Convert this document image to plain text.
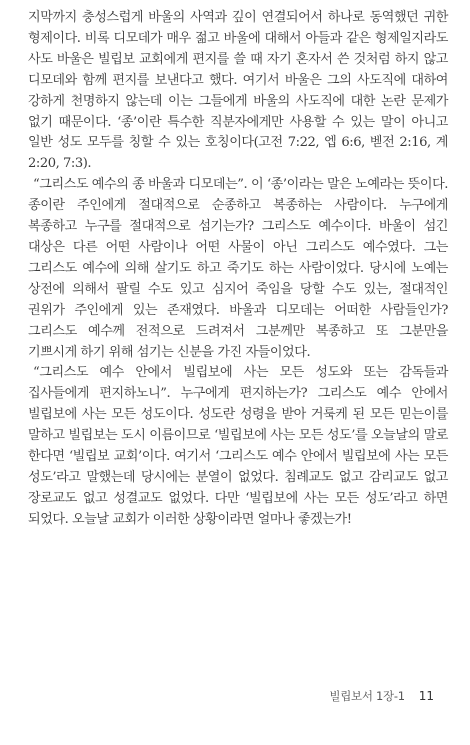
지막까지 충성스럽게 바울의 사역과 깊이 연결되어서 하나로 동역했던 귀한 형제이다. 비록 디모데가 매우 젊고 바울에 대해서 아들과 같은 형제일지라도 사도 바울은 빌립보 교회에게 편지를 쓸 때 자기 혼자서 쓴 것처럼 하지 않고 디모데와 함께 편지를 보낸다고 했다. 여기서 바울은 그의 사도직에 대하여 강하게 천명하지 않는데 이는 그들에게 바울의 사도직에 대한 논란 문제가 없기 때문이다. ‘종’이란 특수한 직분자에게만 사용할 수 있는 말이 아니고 일반 성도 모두를 칭할 수 있는 호칭이다(고전 7:22, 엡 6:6, 벧전 2:16, 계 2:20, 7:3).

“그리스도 예수의 종 바울과 디모데는”. 이 ‘종’이라는 말은 노예라는 뜻이다. 종이란 주인에게 절대적으로 순종하고 복종하는 사람이다. 누구에게 복종하고 누구를 절대적으로 섬기는가? 그리스도 예수이다. 바울이 섬긴 대상은 다른 어떤 사람이나 어떤 사물이 아닌 그리스도 예수였다. 그는 그리스도 예수에 의해 살기도 하고 죽기도 하는 사람이었다. 당시에 노예는 상전에 의해서 팔릴 수도 있고 심지어 죽임을 당할 수도 있는, 절대적인 권위가 주인에게 있는 존재였다. 바울과 디모데는 어떠한 사람들인가? 그리스도 예수께 전적으로 드려져서 그분께만 복종하고 또 그분만을 기쁘시게 하기 위해 섬기는 신분을 가진 자들이었다.

“그리스도 예수 안에서 빌립보에 사는 모든 성도와 또는 감독들과 집사들에게 편지하노니”. 누구에게 편지하는가? 그리스도 예수 안에서 빌립보에 사는 모든 성도이다. 성도란 성령을 받아 거룩케 된 모든 믿는이를 말하고 빌립보는 도시 이름이므로 ‘빌립보에 사는 모든 성도’를 오늘날의 말로 한다면 ‘빌립보 교회’이다. 여기서 ‘그리스도 예수 안에서 빌립보에 사는 모든 성도’라고 말했는데 당시에는 분열이 없었다. 침례교도 없고 감리교도 없고 장로교도 없고 성결교도 없었다. 다만 ‘빌립보에 사는 모든 성도’라고 하면 되었다. 오늘날 교회가 이러한 상황이라면 얼마나 좋겠는가!

빌립보서 1장-1 11
